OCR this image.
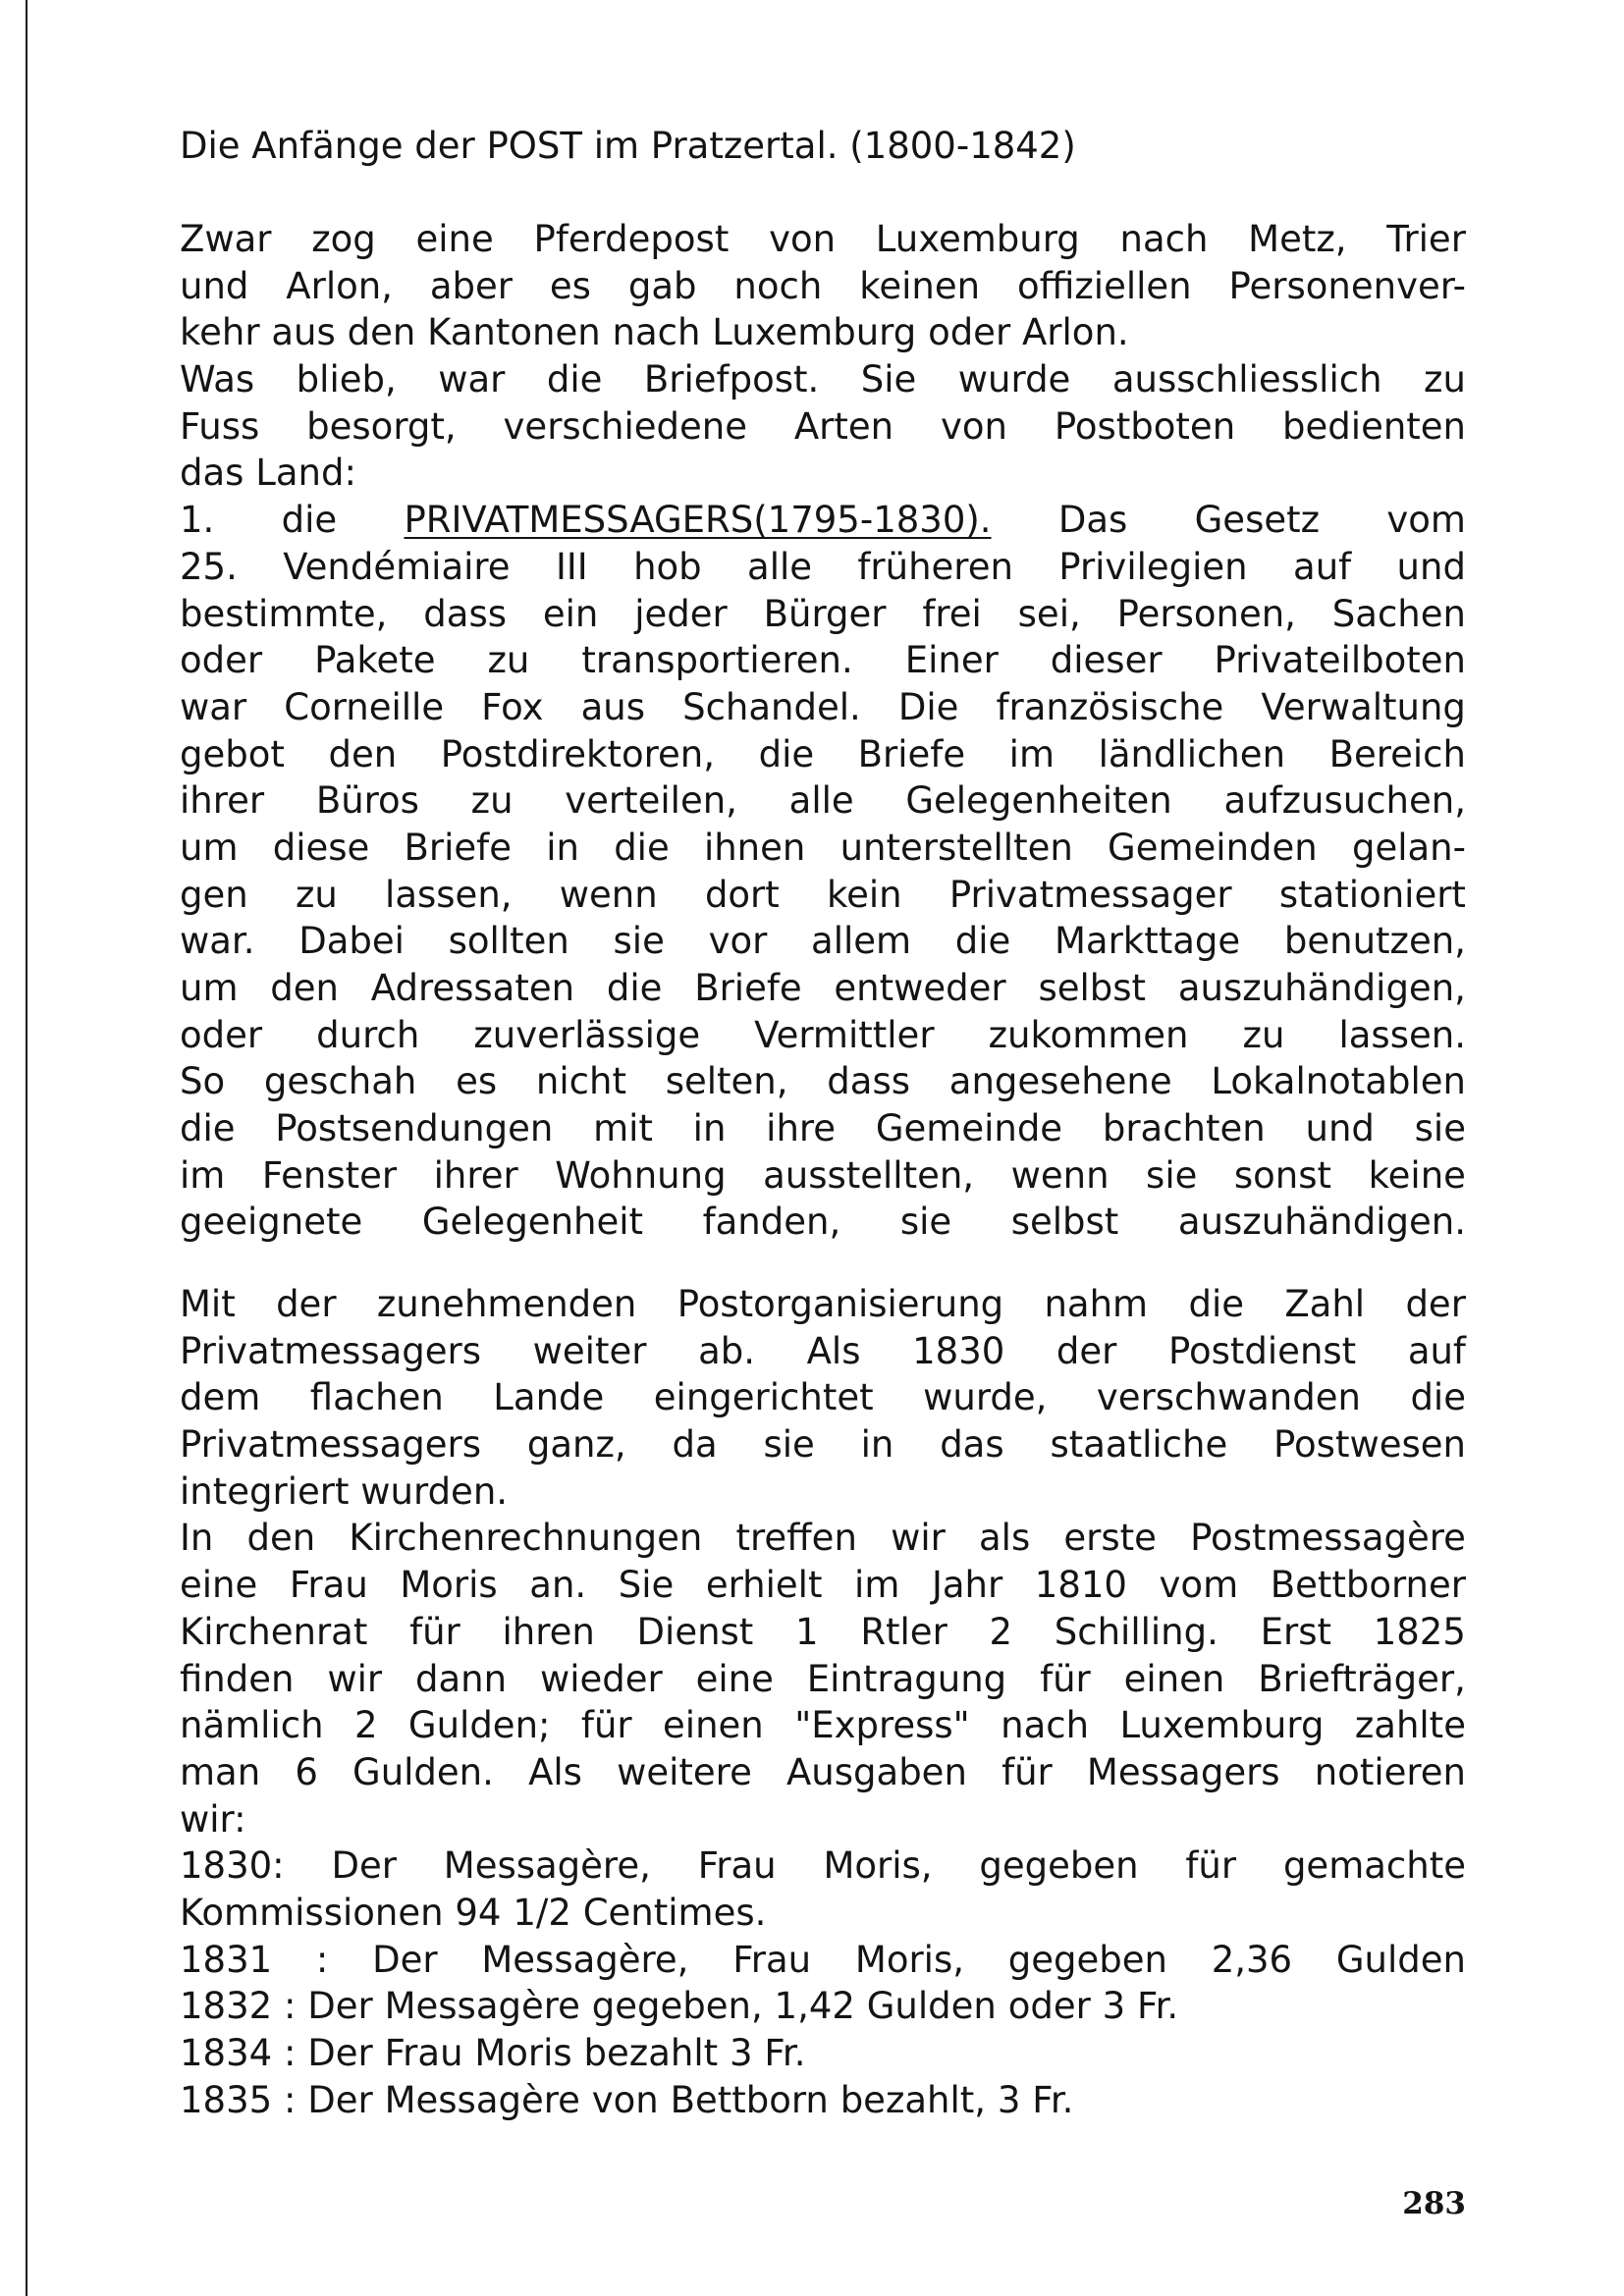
Die Anfänge der POST im Pratzertal. (1800-1842)
Zwar zog eine Pferdepost von Luxemburg nach Metz, Trier
und Arlon, aber es gab noch keinen offiziellen Personenver-
kehr aus den Kantonen nach Luxemburg oder Arlon.
Was blieb, war die Briefpost. Sie wurde ausschliesslich zu
Fuss besorgt, verschiedene Arten von Postboten bedienten
das Land:
1. die PRIVATMESSAGERS(1795-1830). Das Gesetz vom
25. Vendémiaire III hob alle früheren Privilegien auf und
bestimmte, dass ein jeder Bürger frei sei, Personen, Sachen
oder Pakete zu transportieren. Einer dieser Privateilboten
war Corneille Fox aus Schandel. Die französische Verwaltung
gebot den Postdirektoren, die Briefe im ländlichen Bereich
ihrer Büros zu verteilen, alle Gelegenheiten aufzusuchen,
um diese Briefe in die ihnen unterstellten Gemeinden gelan-
gen zu lassen, wenn dort kein Privatmessager stationiert
war. Dabei sollten sie vor allem die Markttage benutzen,
um den Adressaten die Briefe entweder selbst auszuhändigen,
oder durch zuverlässige Vermittler zukommen zu lassen.
So geschah es nicht selten, dass angesehene Lokalnotablen
die Postsendungen mit in ihre Gemeinde brachten und sie
im Fenster ihrer Wohnung ausstellten, wenn sie sonst keine
geeignete Gelegenheit fanden, sie selbst auszuhändigen.
Mit der zunehmenden Postorganisierung nahm die Zahl der
Privatmessagers weiter ab. Als 1830 der Postdienst auf
dem flachen Lande eingerichtet wurde, verschwanden die
Privatmessagers ganz, da sie in das staatliche Postwesen
integriert wurden.
In den Kirchenrechnungen treffen wir als erste Postmessagère
eine Frau Moris an. Sie erhielt im Jahr 1810 vom Bettborner
Kirchenrat für ihren Dienst 1 Rtler 2 Schilling. Erst 1825
finden wir dann wieder eine Eintragung für einen Briefträger,
nämlich 2 Gulden; für einen "Express" nach Luxemburg zahlte
man 6 Gulden. Als weitere Ausgaben für Messagers notieren
wir:
1830: Der Messagère, Frau Moris, gegeben für gemachte
Kommissionen 94 1/2 Centimes.
1831 : Der Messagère, Frau Moris, gegeben 2,36 Gulden
1832 : Der Messagère gegeben, 1,42 Gulden oder 3 Fr.
1834 : Der Frau Moris bezahlt 3 Fr.
1835 : Der Messagère von Bettborn bezahlt, 3 Fr.
283
